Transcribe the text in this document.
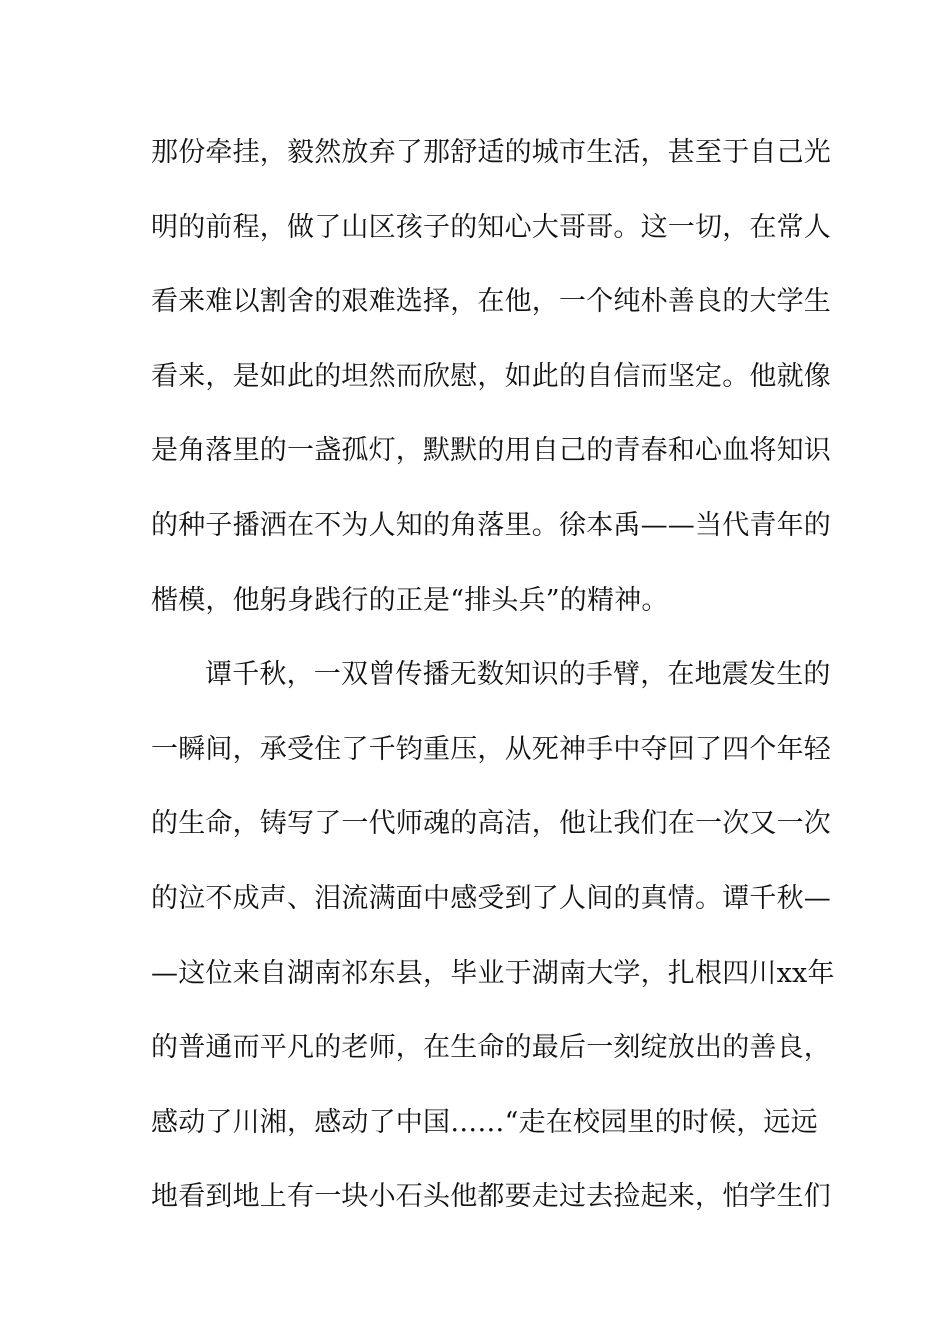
那份牵挂，毅然放弃了那舒适的城市生活，甚至于自己光
明的前程，做了山区孩子的知心大哥哥。这一切，在常人
看来难以割舍的艰难选择，在他，一个纯朴善良的大学生
看来，是如此的坦然而欣慰，如此的自信而坚定。他就像
是角落里的一盏孤灯，默默的用自己的青春和心血将知识
的种子播洒在不为人知的角落里。徐本禹——当代青年的
楷模，他躬身践行的正是“排头兵”的精神。
谭千秋，一双曾传播无数知识的手臂，在地震发生的
一瞬间，承受住了千钧重压，从死神手中夺回了四个年轻
的生命，铸写了一代师魂的高洁，他让我们在一次又一次
的泣不成声、泪流满面中感受到了人间的真情。谭千秋—
—这位来自湖南祁东县，毕业于湖南大学，扎根四川xx年
的普通而平凡的老师，在生命的最后一刻绽放出的善良，
感动了川湘，感动了中国……“走在校园里的时候，远远
地看到地上有一块小石头他都要走过去捡起来，怕学生们
